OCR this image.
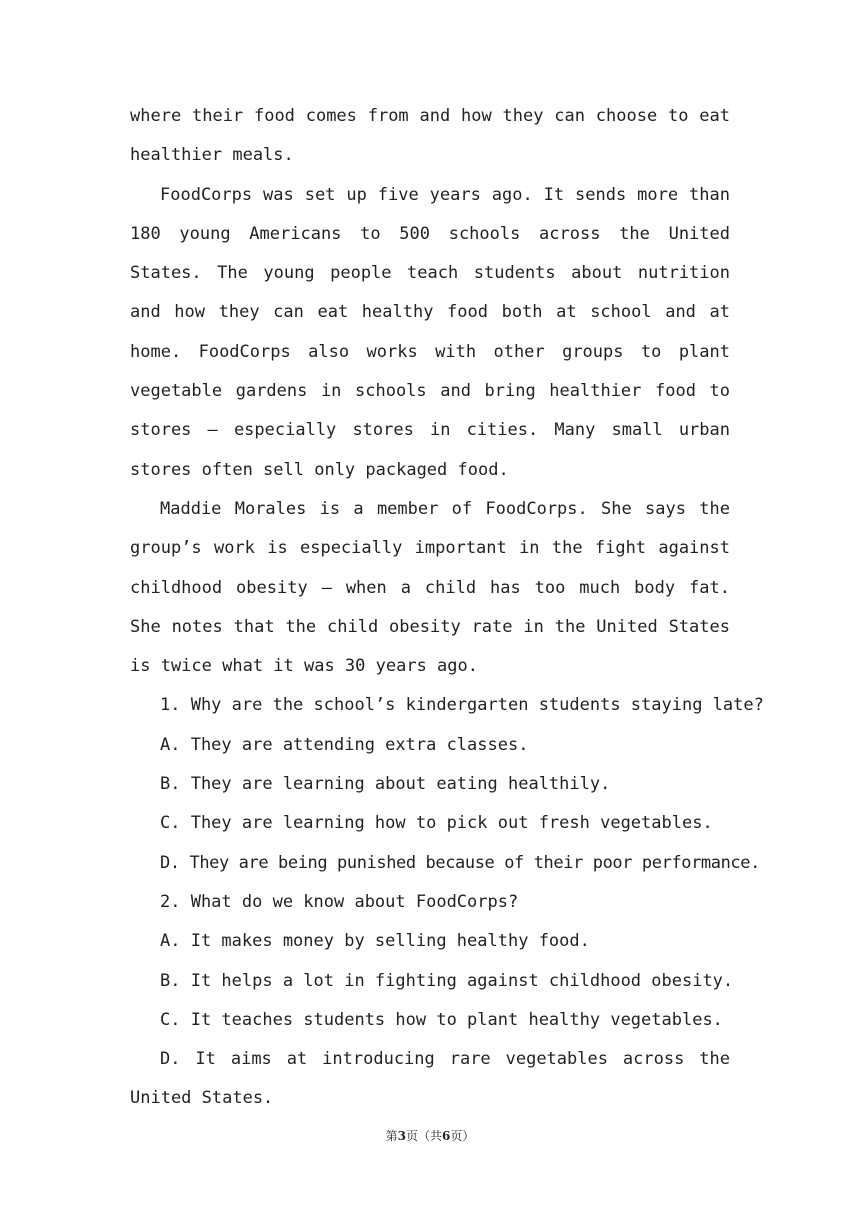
where their food comes from and how they can choose to eat healthier meals.

FoodCorps was set up five years ago. It sends more than 180 young Americans to 500 schools across the United States. The young people teach students about nutrition and how they can eat healthy food both at school and at home. FoodCorps also works with other groups to plant vegetable gardens in schools and bring healthier food to stores — especially stores in cities. Many small urban stores often sell only packaged food.

Maddie Morales is a member of FoodCorps. She says the group’s work is especially important in the fight against childhood obesity — when a child has too much body fat. She notes that the child obesity rate in the United States is twice what it was 30 years ago.

1. Why are the school’s kindergarten students staying late?

A. They are attending extra classes.

B. They are learning about eating healthily.

C. They are learning how to pick out fresh vegetables.

D. They are being punished because of their poor performance.

2. What do we know about FoodCorps?

A. It makes money by selling healthy food.

B. It helps a lot in fighting against childhood obesity.

C. It teaches students how to plant healthy vegetables.

D. It aims at introducing rare vegetables across the United States.

第3页（共6页）
